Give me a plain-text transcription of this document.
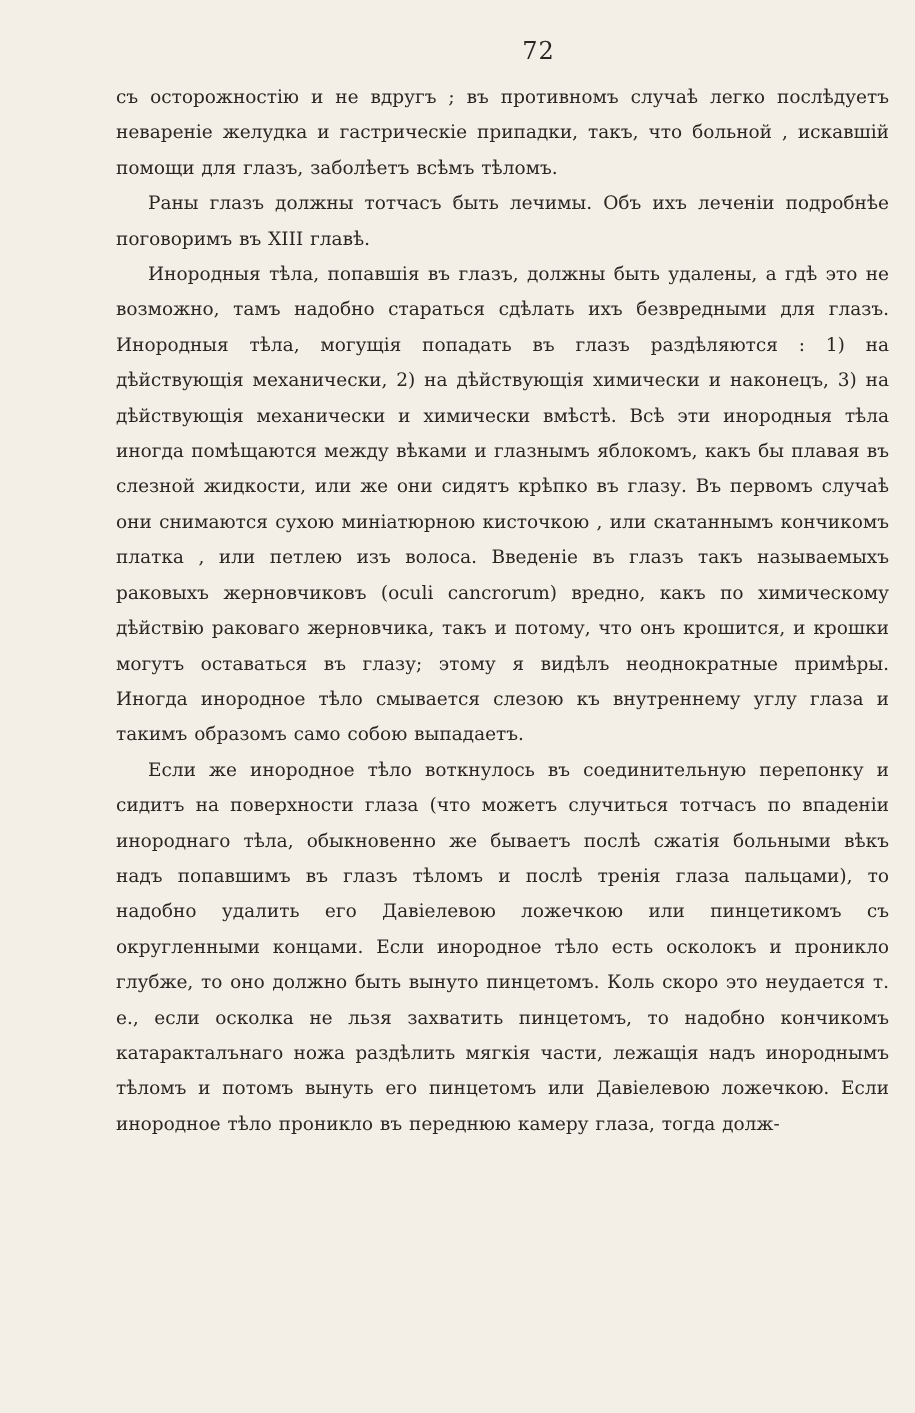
72

съ осторожностію и не вдругъ ; въ противномъ случаѣ легко послѣдуетъ неваренiе желудка и гастрическiе припадки, такъ, что больной , искавшiй помощи для глазъ, заболѣетъ всѣмъ тѣломъ.

Раны глазъ должны тотчасъ быть лечимы. Объ ихъ леченiи подробнѣе поговоримъ въ XIII главѣ.

Инородныя тѣла, попавшiя въ глазъ, должны быть удалены, а гдѣ это не возможно, тамъ надобно стараться сдѣлать ихъ безвредными для глазъ. Инородныя тѣла, могущiя попадать въ глазъ раздѣляются : 1) на дѣйствующiя механически, 2) на дѣйствующiя химически и наконецъ, 3) на дѣйствующiя механически и химически вмѣстѣ. Всѣ эти инородныя тѣла иногда помѣщаются между вѣками и глазнымъ яблокомъ, какъ бы плавая въ слезной жидкости, или же они сидятъ крѣпко въ глазу. Въ первомъ случаѣ они снимаются сухою миніатюрною кисточкою , или скатаннымъ кончикомъ платка , или петлею изъ волоса. Введенiе въ глазъ такъ называемыхъ раковыхъ жерновчиковъ (oculi cancrorum) вредно, какъ по химическому дѣйствiю раковаго жерновчика, такъ и потому, что онъ крошится, и крошки могутъ оставаться въ глазу; этому я видѣлъ неоднократные примѣры. Иногда инородное тѣло смывается слезою къ внутреннему углу глаза и такимъ образомъ само собою выпадаетъ.

Если же инородное тѣло воткнулось въ соединительную перепонку и сидитъ на поверхности глаза (что можетъ случиться тотчасъ по впаденiи инороднаго тѣла, обыкновенно же бываетъ послѣ сжатiя больными вѣкъ надъ попавшимъ въ глазъ тѣломъ и послѣ тренiя глаза пальцами), то надобно удалить его Давiелевою ложечкою или пинцетикомъ съ округленными концами. Если инородное тѣло есть осколокъ и проникло глубже, то оно должно быть вынуто пинцетомъ. Коль скоро это неудается т. е., если осколка не льзя захватить пинцетомъ, то надобно кончикомъ катаракталънаго ножа раздѣлить мягкiя части, лежащiя надъ инороднымъ тѣломъ и потомъ вынуть его пинцетомъ или Давiелевою ложечкою. Если инородное тѣло проникло въ переднюю камеру глаза, тогда долж-
